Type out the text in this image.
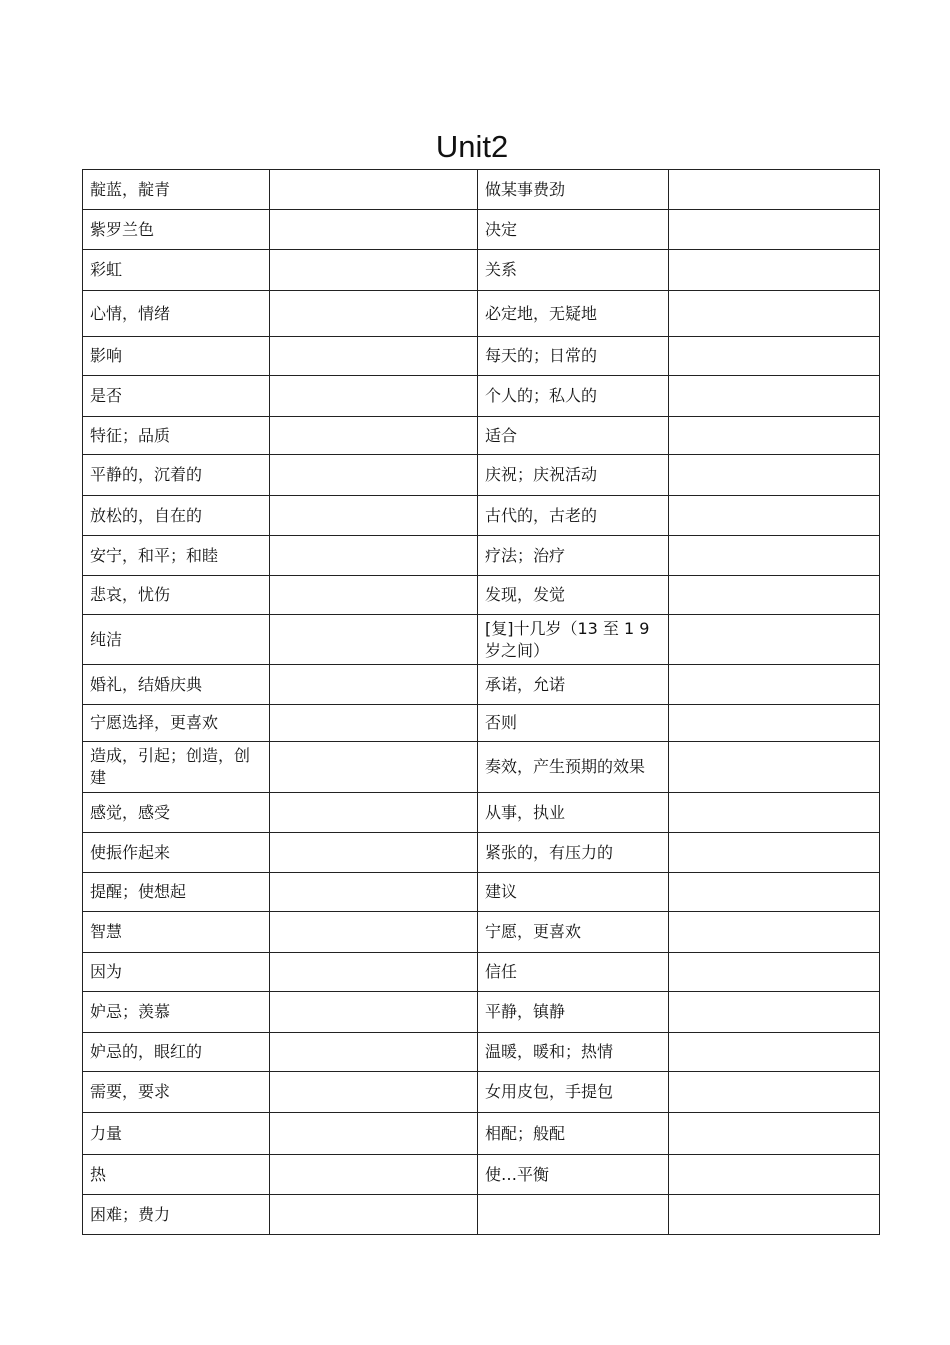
Unit2
靛蓝，靛青		做某事费劲	
紫罗兰色		决定	
彩虹		关系	
心情，情绪		必定地，无疑地	
影响		每天的；日常的	
是否		个人的；私人的	
特征；品质		适合	
平静的，沉着的		庆祝；庆祝活动	
放松的，自在的		古代的，古老的	
安宁，和平；和睦		疗法；治疗	
悲哀，忧伤		发现，发觉	
纯洁		[复]十几岁（13 至 1 9 岁之间）	
婚礼，结婚庆典		承诺，允诺	
宁愿选择，更喜欢		否则	
造成，引起；创造，创建		奏效，产生预期的效果	
感觉，感受		从事，执业	
使振作起来		紧张的，有压力的	
提醒；使想起		建议	
智慧		宁愿，更喜欢	
因为		信任	
妒忌；羡慕		平静，镇静	
妒忌的，眼红的		温暖，暖和；热情	
需要，要求		女用皮包，手提包	
力量		相配；般配	
热		使…平衡	
困难；费力			
